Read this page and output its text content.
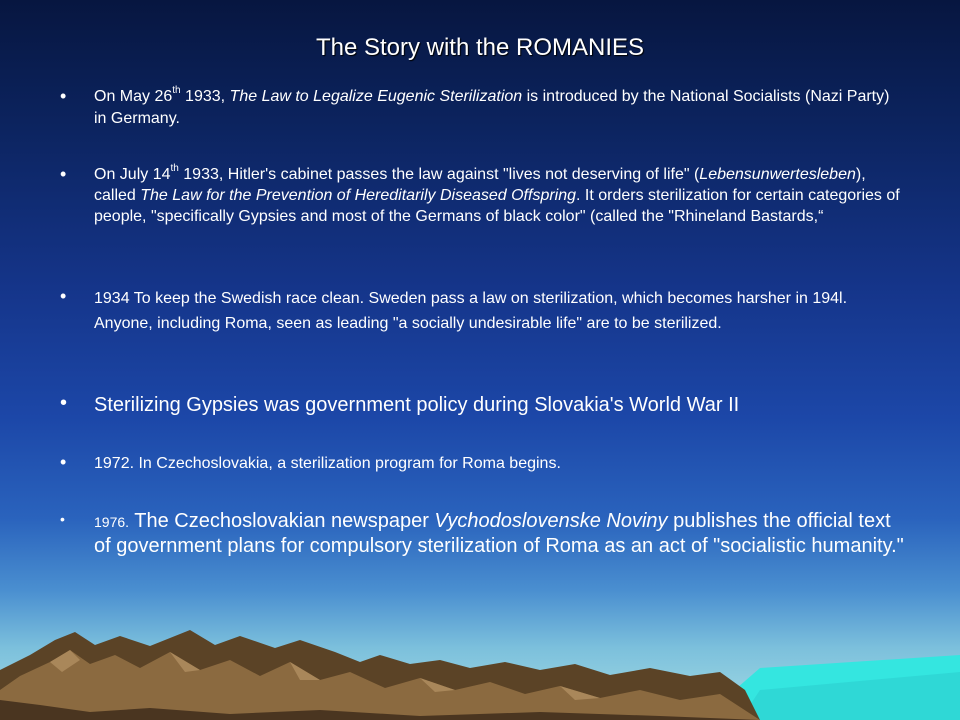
The Story with the ROMANIES
• On May 26th 1933, The Law to Legalize Eugenic Sterilization is introduced by the National Socialists (Nazi Party) in Germany.
• On July 14th 1933, Hitler's cabinet passes the law against "lives not deserving of life" (Lebensunwertesleben), called The Law for the Prevention of Hereditarily Diseased Offspring. It orders sterilization for certain categories of people, "specifically Gypsies and most of the Germans of black color" (called the "Rhineland Bastards,“
• 1934 To keep the Swedish race clean. Sweden pass a law on sterilization, which becomes harsher in 194l. Anyone, including Roma, seen as leading "a socially undesirable life" are to be sterilized.
• Sterilizing Gypsies was government policy during Slovakia's World War II
• 1972. In Czechoslovakia, a sterilization program for Roma begins.
• 1976. The Czechoslovakian newspaper Vychodoslovenske Noviny publishes the official text of government plans for compulsory sterilization of Roma as an act of "socialistic humanity."
